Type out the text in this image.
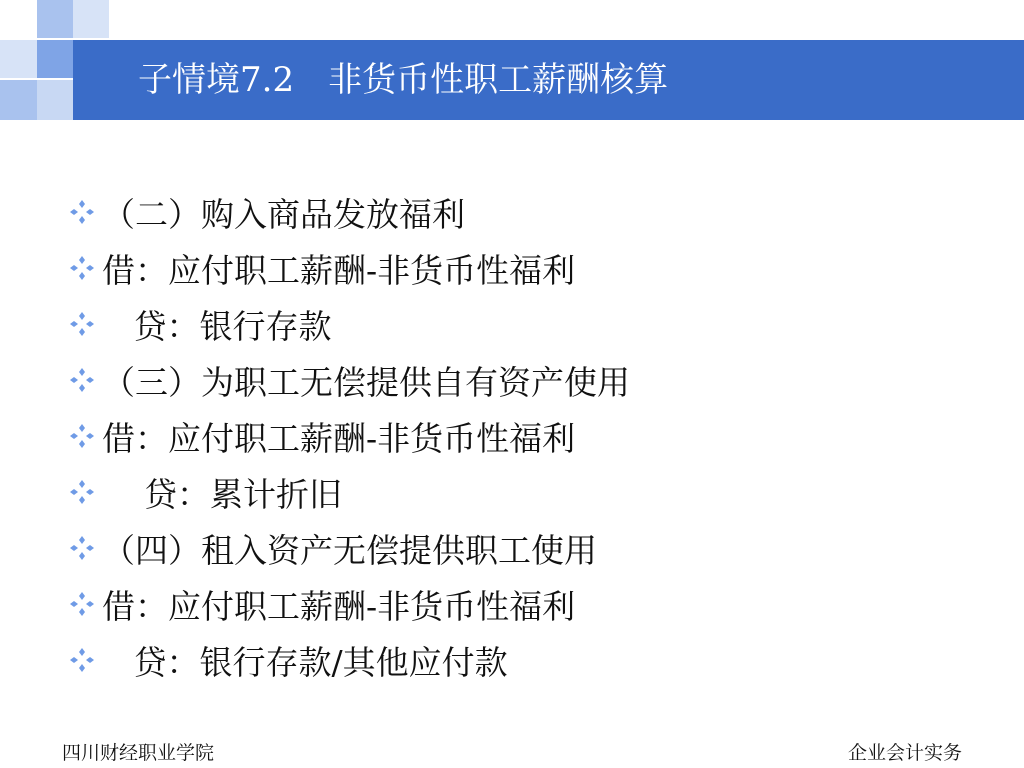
子情境7.2　非货币性职工薪酬核算
（二）购入商品发放福利
借：应付职工薪酬-非货币性福利
贷：银行存款
（三）为职工无偿提供自有资产使用
借：应付职工薪酬-非货币性福利
贷：累计折旧
（四）租入资产无偿提供职工使用
借：应付职工薪酬-非货币性福利
贷：银行存款/其他应付款
四川财经职业学院	企业会计实务
